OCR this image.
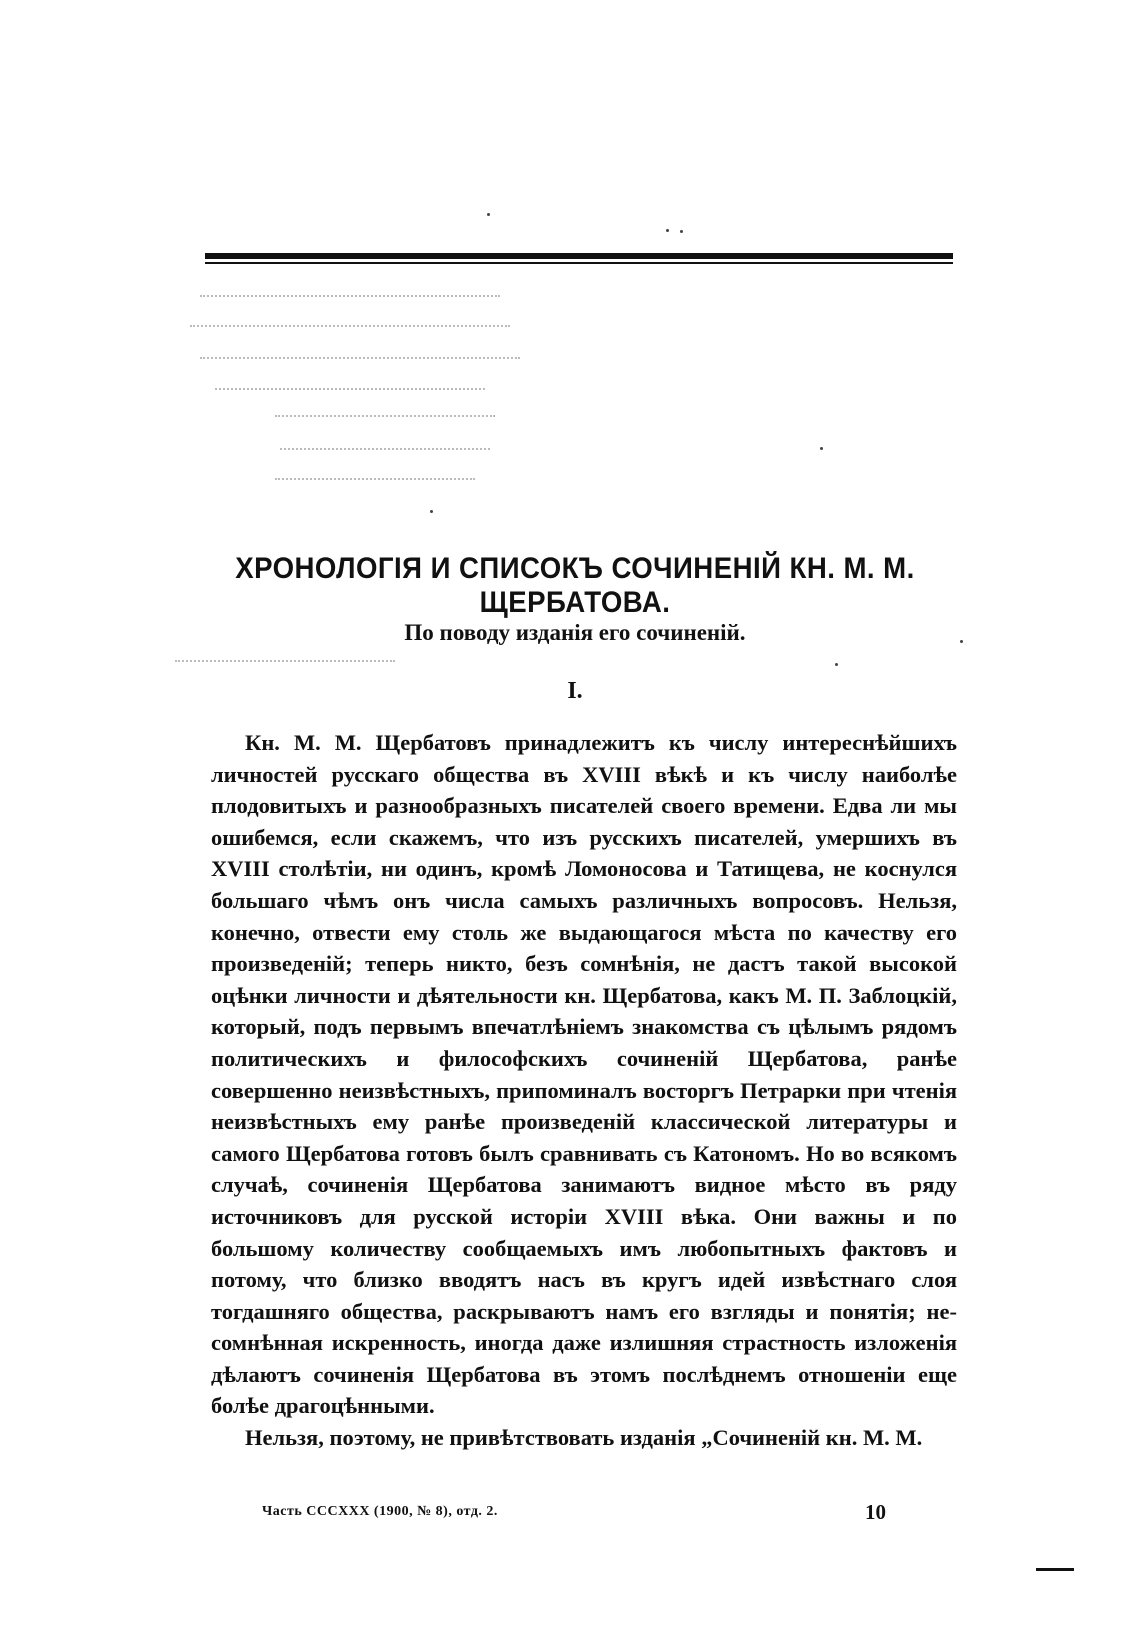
ХРОНОЛОГІЯ И СПИСОКЪ СОЧИНЕНІЙ КН. М. М. ЩЕРБАТОВА.
По поводу изданія его сочиненій.
I.

Кн. М. М. Щербатовъ принадлежитъ къ числу интереснѣйшихъ личностей русскаго общества въ XVIII вѣкѣ и къ числу наиболѣе плодовитыхъ и разнообразныхъ писателей своего времени. Едва ли мы ошибемся, если скажемъ, что изъ русскихъ писателей, умершихъ въ XVIII столѣтіи, ни одинъ, кромѣ Ломоносова и Татищева, не коснулся большаго чѣмъ онъ числа самыхъ различныхъ вопросовъ. Нельзя, конечно, отвести ему столь же выдающагося мѣста по качеству его произведеній; теперь никто, безъ сомнѣнія, не дастъ такой высокой оцѣнки личности и дѣятельности кн. Щербатова, какъ М. П. Заблоцкій, который, подъ первымъ впечатлѣніемъ знакомства съ цѣлымъ рядомъ политическихъ и философскихъ сочиненій Щербатова, ранѣе совершенно неизвѣстныхъ, припоминалъ восторгъ Петрарки при чтенія неизвѣстныхъ ему ранѣе произведеній классической литературы и самого Щербатова готовъ былъ сравнивать съ Катономъ. Но во всякомъ случаѣ, сочиненія Щербатова занимаютъ видное мѣсто въ ряду источниковъ для русской исторіи XVIII вѣка. Они важны и по большому количеству сообщаемыхъ имъ любопытныхъ фактовъ и потому, что близко вводятъ насъ въ кругъ идей извѣстнаго слоя тогдашняго общества, раскрываютъ намъ его взгляды и понятія; несомнѣнная искренность, иногда даже излишняя страстность изложенія дѣлаютъ сочиненія Щербатова въ этомъ послѣднемъ отношеніи еще болѣе драгоцѣнными.

Нельзя, поэтому, не привѣтствовать изданія „Сочиненій кн. М. М.

Часть CCCXXX (1900, № 8), отд. 2.	10
